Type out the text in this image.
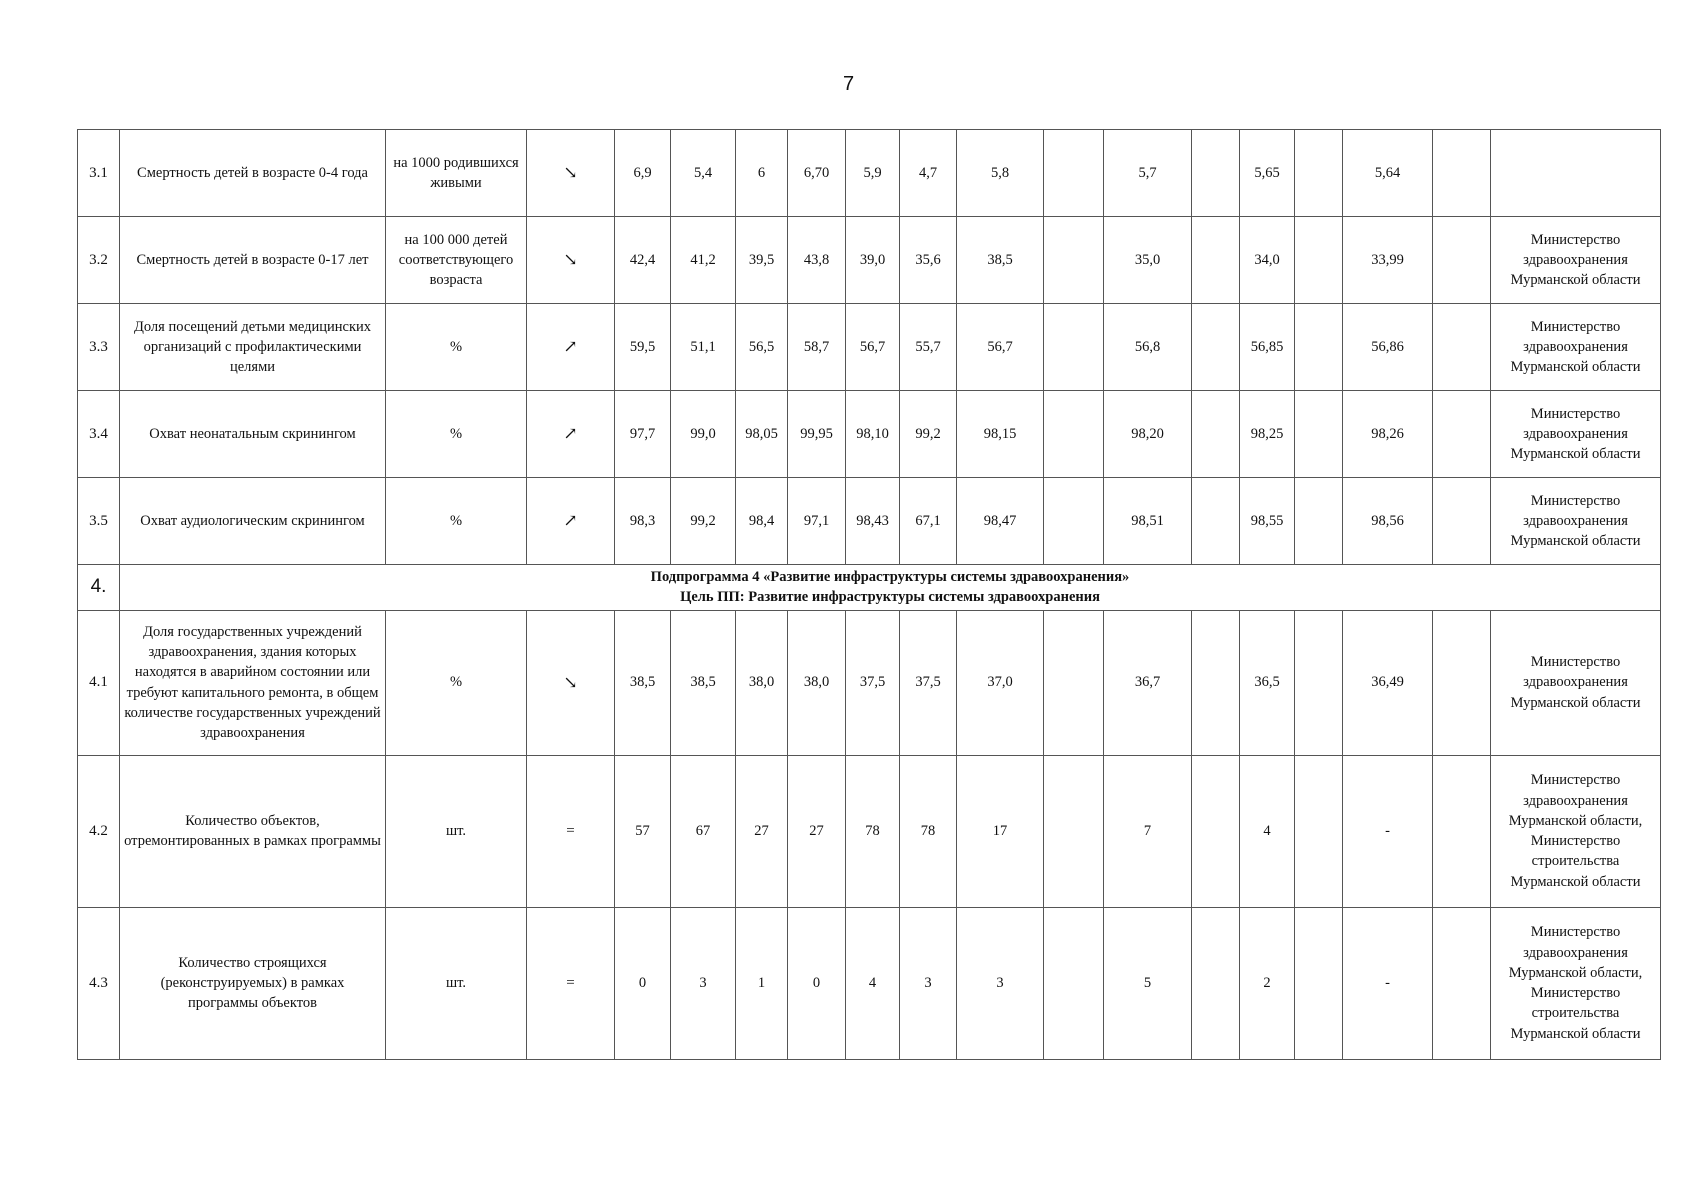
7
3.1	Смертность детей в возрасте 0-4 года	на 1000 родившихся живыми	↘	6,9	5,4	6	6,70	5,9	4,7	5,8		5,7		5,65		5,64		
3.2	Смертность детей в возрасте 0-17 лет	на 100 000 детей соответствующего возраста	↘	42,4	41,2	39,5	43,8	39,0	35,6	38,5		35,0		34,0		33,99		Министерство здравоохранения Мурманской области
3.3	Доля посещений детьми медицинских организаций с профилактическими целями	%	↗	59,5	51,1	56,5	58,7	56,7	55,7	56,7		56,8		56,85		56,86		Министерство здравоохранения Мурманской области
3.4	Охват неонатальным скринингом	%	↗	97,7	99,0	98,05	99,95	98,10	99,2	98,15		98,20		98,25		98,26		Министерство здравоохранения Мурманской области
3.5	Охват аудиологическим скринингом	%	↗	98,3	99,2	98,4	97,1	98,43	67,1	98,47		98,51		98,55		98,56		Министерство здравоохранения Мурманской области
4.	Подпрограмма 4 «Развитие инфраструктуры системы здравоохранения»
Цель ПП: Развитие инфраструктуры системы здравоохранения																	

4.1	Доля государственных учреждений здравоохранения, здания которых находятся в аварийном состоянии или требуют капитального ремонта, в общем количестве государственных учреждений здравоохранения	%	↘	38,5	38,5	38,0	38,0	37,5	37,5	37,0		36,7		36,5		36,49		Министерство здравоохранения Мурманской области
4.2	Количество объектов, отремонтированных в рамках программы	шт.	=	57	67	27	27	78	78	17		7		4		-		Министерство здравоохранения Мурманской области, Министерство строительства Мурманской области
4.3	Количество строящихся (реконструируемых) в рамках программы объектов	шт.	=	0	3	1	0	4	3	3		5		2		-		Министерство здравоохранения Мурманской области, Министерство строительства Мурманской области
